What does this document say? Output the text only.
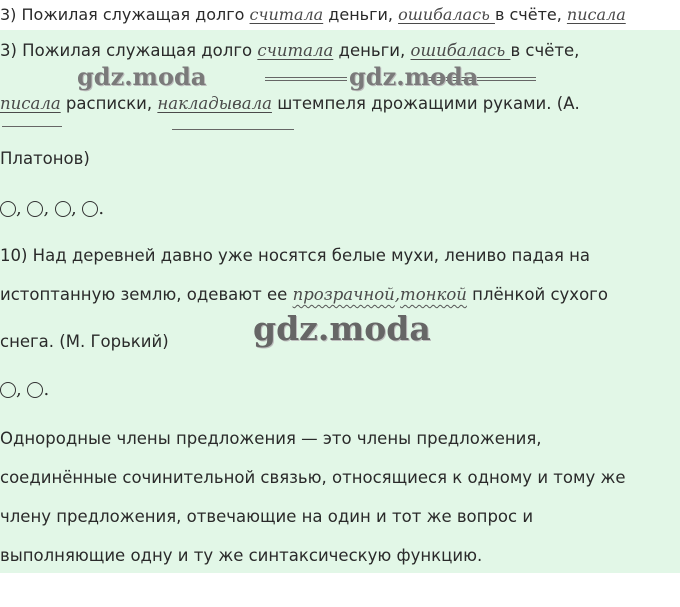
3) Пожилая служащая долго считала деньги, ошибалась в счёте, писала
3) Пожилая служащая долго считала деньги, ошибалась в счёте,
писала расписки, накладывала штемпеля дрожащими руками. (А.
Платонов)
, , , .
10) Над деревней давно уже носятся белые мухи, лениво падая на
истоптанную землю, одевают ее прозрачной,тонкой плёнкой сухого
снега. (М. Горький)
, .
Однородные члены предложения — это члены предложения,
соединённые сочинительной связью, относящиеся к одному и тому же
члену предложения, отвечающие на один и тот же вопрос и
выполняющие одну и ту же синтаксическую функцию.
gdz.moda	gdz.moda
gdz.moda
